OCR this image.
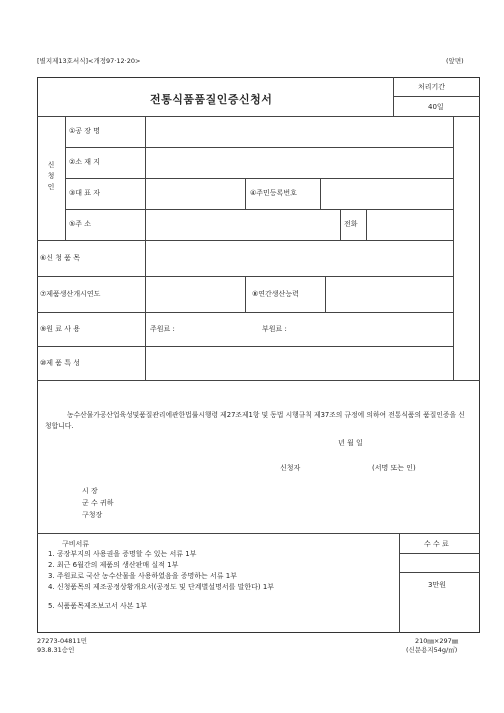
[별지제13호서식]<개정97·12·20>	(앞면)
전통식품품질인증신청서
처리기간
40일
신
청
인
①공 장 명
②소 재 지
③대 표 자	④주민등록번호
⑤주 소	전화
⑥신 청 품 목
⑦제품생산개시연도	⑧연간생산능력
⑨원 료 사 용	주원료 :	부원료 :
⑩제 품 특 성
농수산물가공산업육성및품질관리에관한법률시행령 제27조제1항 및 동법 시행규칙 제37조의 규정에 의하여 전통식품의 품질인증을 신청합니다.
년 월 일
신청자	(서명 또는 인)
시 장
군 수 귀하
구청장
구비서류
1. 공장부지의 사용권을 증명할 수 있는 서류 1부
2. 최근 6월간의 제품의 생산판매 실적 1부
3. 주원료로 국산 농수산물을 사용하였음을 증명하는 서류 1부
4. 신청품목의 제조공정상황개요서(공정도 및 단계별설명서를 말한다) 1부
5. 식품품목제조보고서 사본 1부
수 수 료
3만원
27273-04811민
93.8.31승인
210㎜×297㎜
(신문용지54g/㎡)
